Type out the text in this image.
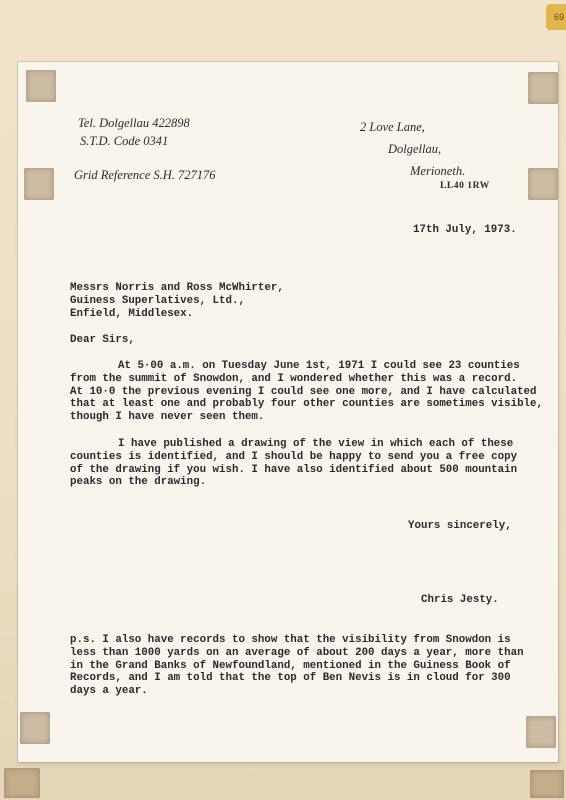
69
Tel. Dolgellau 422898
S.T.D. Code 0341
Grid Reference S.H. 727176
2 Love Lane,
Dolgellau,
Merioneth.
LL40 1RW
17th July, 1973.
Messrs Norris and Ross McWhirter,
Guiness Superlatives, Ltd.,
Enfield, Middlesex.
Dear Sirs,
At 5·00 a.m. on Tuesday June 1st, 1971 I could see 23 counties
from the summit of Snowdon, and I wondered whether this was a record.
At 10·0 the previous evening I could see one more, and I have calculated
that at least one and probably four other counties are sometimes visible,
though I have never seen them.
I have published a drawing of the view in which each of these
counties is identified, and I should be happy to send you a free copy
of the drawing if you wish. I have also identified about 500 mountain
peaks on the drawing.
Yours sincerely,
Chris Jesty.
p.s. I also have records to show that the visibility from Snowdon is
less than 1000 yards on an average of about 200 days a year, more than
in the Grand Banks of Newfoundland, mentioned in the Guiness Book of
Records, and I am told that the top of Ben Nevis is in cloud for 300
days a year.
